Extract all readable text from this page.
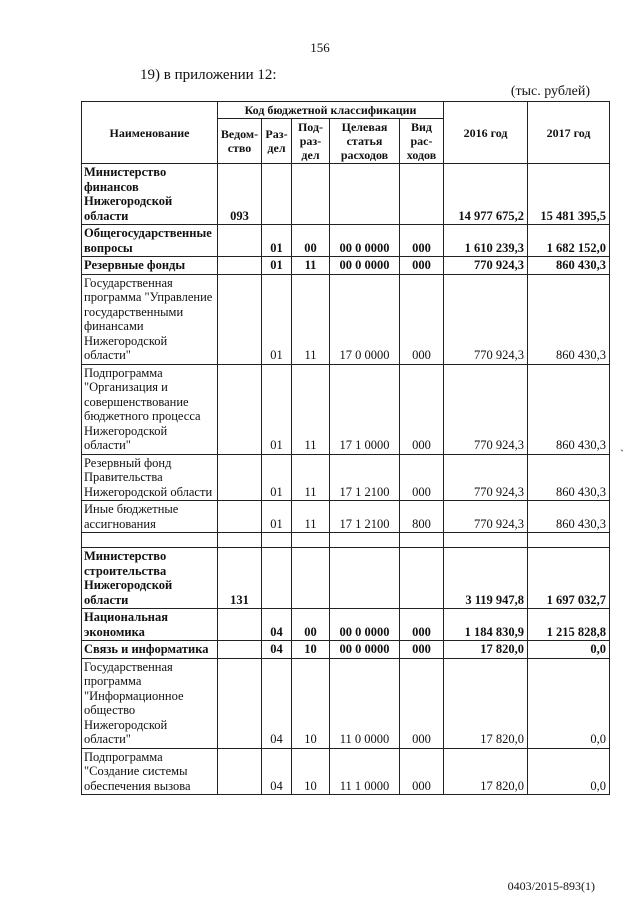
156
19) в приложении 12:
(тыс. рублей)
`
Наименование	Код бюджетной классификации					2016 год	2017 год
	Ведом-ство	Раз-дел	Под-раз-дел	Целевая статья расходов	Вид рас-ходов		
Министерство финансов Нижегородской области	093					14 977 675,2	15 481 395,5
Общегосударственные вопросы		01	00	00 0 0000	000	1 610 239,3	1 682 152,0
Резервные фонды		01	11	00 0 0000	000	770 924,3	860 430,3
Государственная программа "Управление государственными финансами Нижегородской области"		01	11	17 0 0000	000	770 924,3	860 430,3
Подпрограмма "Организация и совершенствование бюджетного процесса Нижегородской области"		01	11	17 1 0000	000	770 924,3	860 430,3
Резервный фонд Правительства Нижегородской области		01	11	17 1 2100	000	770 924,3	860 430,3
Иные бюджетные ассигнования		01	11	17 1 2100	800	770 924,3	860 430,3

Министерство строительства Нижегородской области	131					3 119 947,8	1 697 032,7
Национальная экономика		04	00	00 0 0000	000	1 184 830,9	1 215 828,8
Связь и информатика		04	10	00 0 0000	000	17 820,0	0,0
Государственная программа "Информационное общество Нижегородской области"		04	10	11 0 0000	000	17 820,0	0,0
Подпрограмма "Создание системы обеспечения вызова		04	10	11 1 0000	000	17 820,0	0,0
0403/2015-893(1)
